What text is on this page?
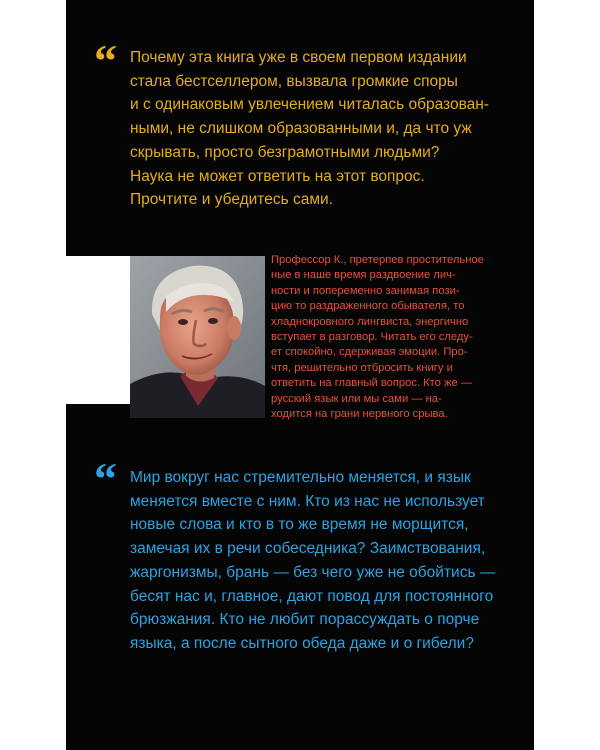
“ Почему эта книга уже в своем первом издании
стала бестселлером, вызвала громкие споры
и с одинаковым увлечением читалась образован-
ными, не слишком образованными и, да что уж
скрывать, просто безграмотными людьми?
Наука не может ответить на этот вопрос.
Прочтите и убедитесь сами.

Профессор К., претерпев простительное
ные в наше время раздвоение лич-
ности и попеременно занимая пози-
цию то раздраженного обывателя, то
хладнокровного лингвиста, энергично
вступает в разговор. Читать его следу-
ет спокойно, сдерживая эмоции. Про-
чтя, решительно отбросить книгу и
ответить на главный вопрос. Кто же —
русский язык или мы сами — на-
ходится на грани нервного срыва.

“ Мир вокруг нас стремительно меняется, и язык
меняется вместе с ним. Кто из нас не использует
новые слова и кто в то же время не морщится,
замечая их в речи собеседника? Заимствования,
жаргонизмы, брань — без чего уже не обойтись —
бесят нас и, главное, дают повод для постоянного
брюзжания. Кто не любит порассуждать о порче
языка, а после сытного обеда даже и о гибели?
